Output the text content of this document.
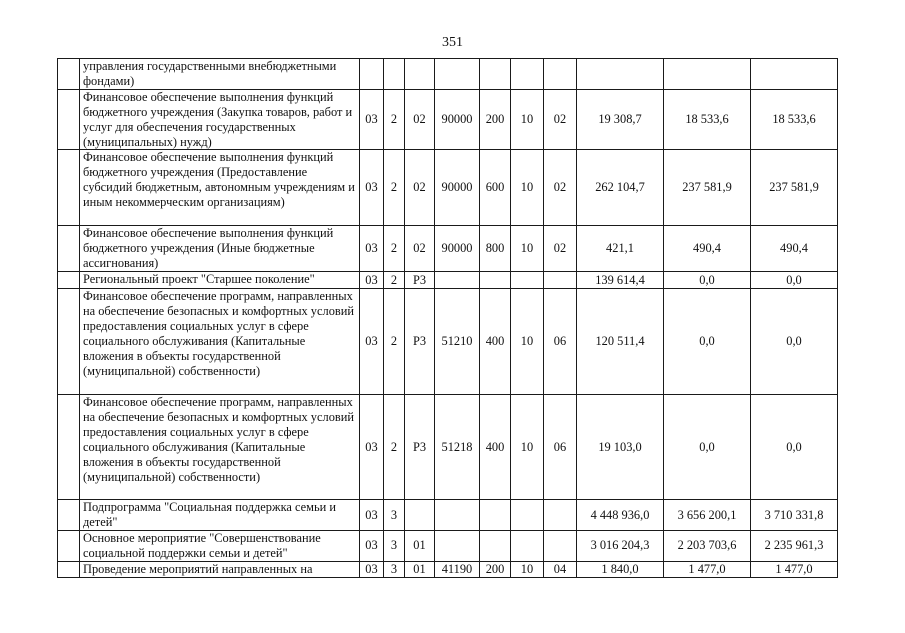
351
	управления государственными внебюджетными фондами)										
	Финансовое обеспечение выполнения функций бюджетного учреждения (Закупка товаров, работ и услуг для обеспечения государственных (муниципальных) нужд)	03	2	02	90000	200	10	02	19 308,7	18 533,6	18 533,6
	Финансовое обеспечение выполнения функций бюджетного учреждения (Предоставление субсидий бюджетным, автономным учреждениям и иным некоммерческим организациям)	03	2	02	90000	600	10	02	262 104,7	237 581,9	237 581,9
	Финансовое обеспечение выполнения функций бюджетного учреждения (Иные бюджетные ассигнования)	03	2	02	90000	800	10	02	421,1	490,4	490,4
	Региональный проект "Старшее поколение"	03	2	Р3					139 614,4	0,0	0,0
	Финансовое обеспечение программ, направленных на обеспечение безопасных и комфортных условий предоставления социальных услуг в сфере социального обслуживания (Капитальные вложения в объекты государственной (муниципальной) собственности)	03	2	Р3	51210	400	10	06	120 511,4	0,0	0,0
	Финансовое обеспечение программ, направленных на обеспечение безопасных и комфортных условий предоставления социальных услуг в сфере социального обслуживания (Капитальные вложения в объекты государственной (муниципальной) собственности)	03	2	Р3	51218	400	10	06	19 103,0	0,0	0,0
	Подпрограмма "Социальная поддержка семьи и детей"	03	3						4 448 936,0	3 656 200,1	3 710 331,8
	Основное мероприятие "Совершенствование социальной поддержки семьи и детей"	03	3	01					3 016 204,3	2 203 703,6	2 235 961,3
	Проведение мероприятий направленных на	03	3	01	41190	200	10	04	1 840,0	1 477,0	1 477,0
